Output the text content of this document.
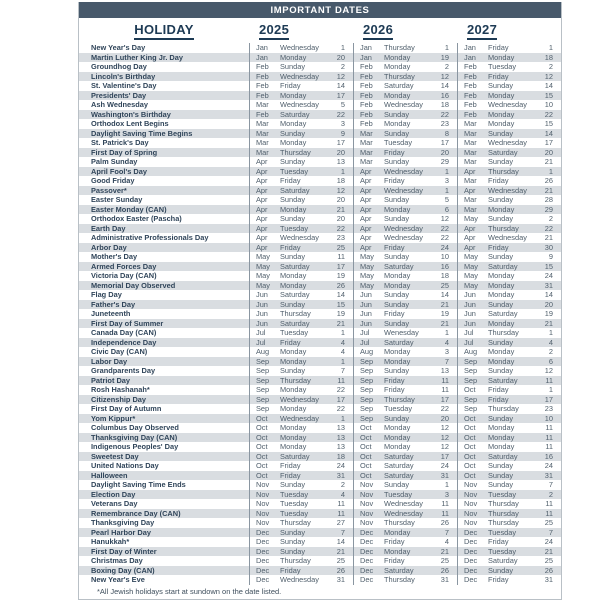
IMPORTANT DATES
HOLIDAY	2025	2026	2027
New Year's Day	Jan	Wednesday	1 Jan	Thursday	1 Jan	Friday	1
Martin Luther King Jr. Day	Jan	Monday	20 Jan	Monday	19 Jan	Monday	18
Groundhog Day	Feb	Sunday	2 Feb	Monday	2 Feb	Tuesday	2
Lincoln's Birthday	Feb	Wednesday	12 Feb	Thursday	12 Feb	Friday	12
St. Valentine's Day	Feb	Friday	14 Feb	Saturday	14 Feb	Sunday	14
Presidents' Day	Feb	Monday	17 Feb	Monday	16 Feb	Monday	15
Ash Wednesday	Mar	Wednesday	5 Feb	Wednesday	18 Feb	Wednesday	10
Washington's Birthday	Feb	Saturday	22 Feb	Sunday	22 Feb	Monday	22
Orthodox Lent Begins	Mar	Monday	3 Feb	Monday	23 Mar	Monday	15
Daylight Saving Time Begins	Mar	Sunday	9 Mar	Sunday	8 Mar	Sunday	14
St. Patrick's Day	Mar	Monday	17 Mar	Tuesday	17 Mar	Wednesday	17
First Day of Spring	Mar	Thursday	20 Mar	Friday	20 Mar	Saturday	20
Palm Sunday	Apr	Sunday	13 Mar	Sunday	29 Mar	Sunday	21
April Fool's Day	Apr	Tuesday	1 Apr	Wednesday	1 Apr	Thursday	1
Good Friday	Apr	Friday	18 Apr	Friday	3 Mar	Friday	26
Passover*	Apr	Saturday	12 Apr	Wednesday	1 Apr	Wednesday	21
Easter Sunday	Apr	Sunday	20 Apr	Sunday	5 Mar	Sunday	28
Easter Monday (CAN)	Apr	Monday	21 Apr	Monday	6 Mar	Monday	29
Orthodox Easter (Pascha)	Apr	Sunday	20 Apr	Sunday	12 May	Sunday	2
Earth Day	Apr	Tuesday	22 Apr	Wednesday	22 Apr	Thursday	22
Administrative Professionals Day	Apr	Wednesday	23 Apr	Wednesday	22 Apr	Wednesday	21
Arbor Day	Apr	Friday	25 Apr	Friday	24 Apr	Friday	30
Mother's Day	May	Sunday	11 May	Sunday	10 May	Sunday	9
Armed Forces Day	May	Saturday	17 May	Saturday	16 May	Saturday	15
Victoria Day (CAN)	May	Monday	19 May	Monday	18 May	Monday	24
Memorial Day Observed	May	Monday	26 May	Monday	25 May	Monday	31
Flag Day	Jun	Saturday	14 Jun	Sunday	14 Jun	Monday	14
Father's Day	Jun	Sunday	15 Jun	Sunday	21 Jun	Sunday	20
Juneteenth	Jun	Thursday	19 Jun	Friday	19 Jun	Saturday	19
First Day of Summer	Jun	Saturday	21 Jun	Sunday	21 Jun	Monday	21
Canada Day (CAN)	Jul	Tuesday	1 Jul	Wenesday	1 Jul	Thursday	1
Independence Day	Jul	Friday	4 Jul	Saturday	4 Jul	Sunday	4
Civic Day (CAN)	Aug	Monday	4 Aug	Monday	3 Aug	Monday	2
Labor Day	Sep	Monday	1 Sep	Monday	7 Sep	Monday	6
Grandparents Day	Sep	Sunday	7 Sep	Sunday	13 Sep	Sunday	12
Patriot Day	Sep	Thursday	11 Sep	Friday	11 Sep	Saturday	11
Rosh Hashanah*	Sep	Monday	22 Sep	Friday	11 Oct	Friday	1
Citizenship Day	Sep	Wednesday	17 Sep	Thursday	17 Sep	Friday	17
First Day of Autumn	Sep	Monday	22 Sep	Tuesday	22 Sep	Thursday	23
Yom Kippur*	Oct	Wednesday	1 Sep	Sunday	20 Oct	Sunday	10
Columbus Day Observed	Oct	Monday	13 Oct	Monday	12 Oct	Monday	11
Thanksgiving Day (CAN)	Oct	Monday	13 Oct	Monday	12 Oct	Monday	11
Indigenous Peoples' Day	Oct	Monday	13 Oct	Monday	12 Oct	Monday	11
Sweetest Day	Oct	Saturday	18 Oct	Saturday	17 Oct	Saturday	16
United Nations Day	Oct	Friday	24 Oct	Saturday	24 Oct	Sunday	24
Halloween	Oct	Friday	31 Oct	Saturday	31 Oct	Sunday	31
Daylight Saving Time Ends	Nov	Sunday	2 Nov	Sunday	1 Nov	Sunday	7
Election Day	Nov	Tuesday	4 Nov	Tuesday	3 Nov	Tuesday	2
Veterans Day	Nov	Tuesday	11 Nov	Wednesday	11 Nov	Thursday	11
Remembrance Day (CAN)	Nov	Tuesday	11 Nov	Wednesday	11 Nov	Thursday	11
Thanksgiving Day	Nov	Thursday	27 Nov	Thursday	26 Nov	Thursday	25
Pearl Harbor Day	Dec	Sunday	7 Dec	Monday	7 Dec	Tuesday	7
Hanukkah*	Dec	Sunday	14 Dec	Friday	4 Dec	Friday	24
First Day of Winter	Dec	Sunday	21 Dec	Monday	21 Dec	Tuesday	21
Christmas Day	Dec	Thursday	25 Dec	Friday	25 Dec	Saturday	25
Boxing Day (CAN)	Dec	Friday	26 Dec	Saturday	26 Dec	Sunday	26
New Year's Eve	Dec	Wednesday	31 Dec	Thursday	31 Dec	Friday	31
*All Jewish holidays start at sundown on the date listed.
